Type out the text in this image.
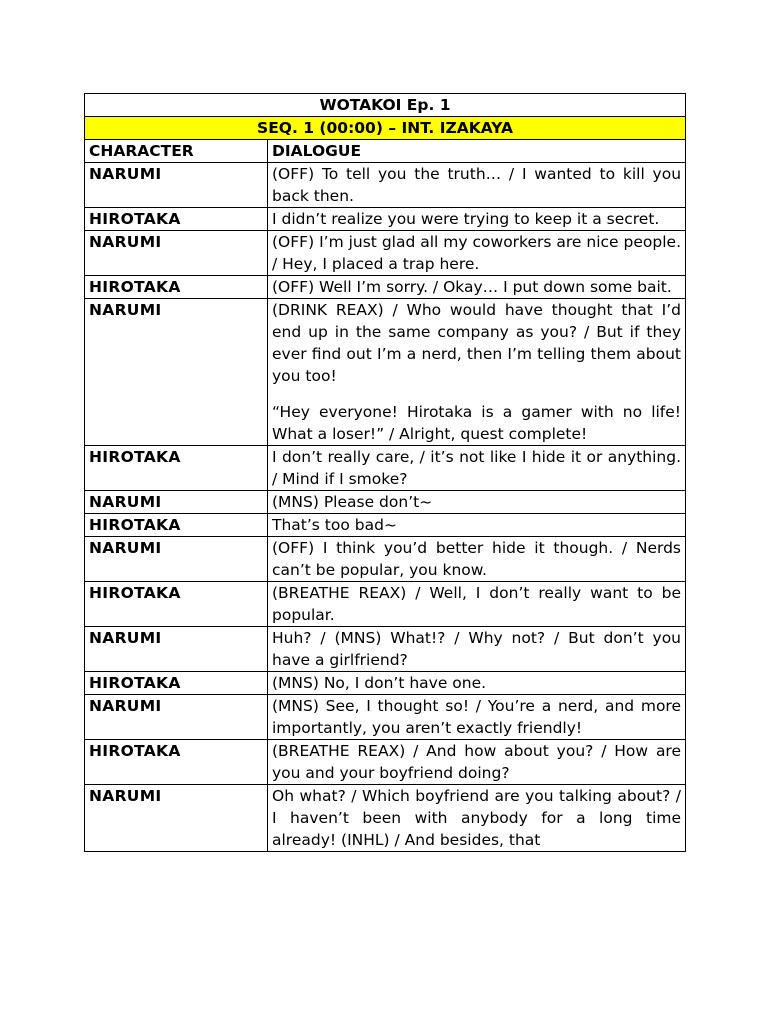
WOTAKOI Ep. 1	
SEQ. 1 (00:00) – INT. IZAKAYA	
CHARACTER	DIALOGUE
NARUMI	(OFF) To tell you the truth… / I wanted to kill you back then.

HIROTAKA	I didn’t realize you were trying to keep it a secret.

NARUMI	(OFF) I’m just glad all my coworkers are nice people. / Hey, I placed a trap here.

HIROTAKA	(OFF) Well I’m sorry. / Okay… I put down some bait.

NARUMI	(DRINK REAX) / Who would have thought that I’d end up in the same company as you? / But if they ever find out I’m a nerd, then I’m telling them about you too!

“Hey everyone! Hirotaka is a gamer with no life! What a loser!” / Alright, quest complete!

HIROTAKA	I don’t really care, / it’s not like I hide it or anything. / Mind if I smoke?

NARUMI	(MNS) Please don’t~

HIROTAKA	That’s too bad~

NARUMI	(OFF) I think you’d better hide it though. / Nerds can’t be popular, you know.

HIROTAKA	(BREATHE REAX) / Well, I don’t really want to be popular.

NARUMI	Huh? / (MNS) What!? / Why not? / But don’t you have a girlfriend?

HIROTAKA	(MNS) No, I don’t have one.

NARUMI	(MNS) See, I thought so! / You’re a nerd, and more importantly, you aren’t exactly friendly!

HIROTAKA	(BREATHE REAX) / And how about you? / How are you and your boyfriend doing?

NARUMI	Oh what? / Which boyfriend are you talking about? / I haven’t been with anybody for a long time already! (INHL) / And besides, that
